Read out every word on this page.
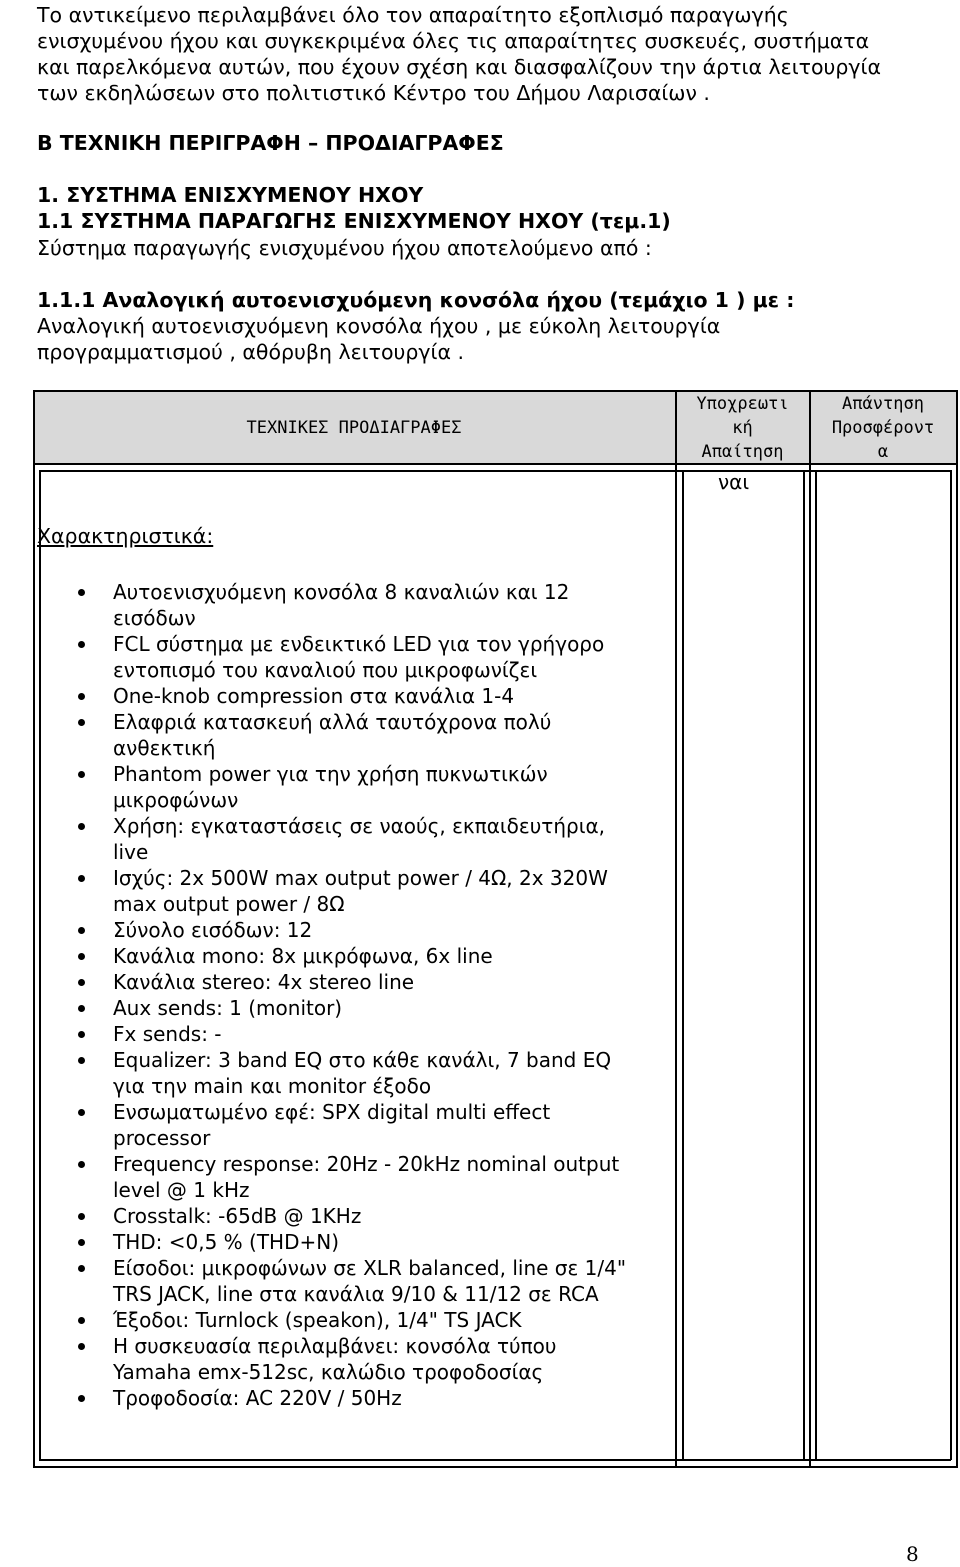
Το αντικείμενο περιλαμβάνει όλο τον απαραίτητο εξοπλισμό παραγωγής
ενισχυμένου ήχου και συγκεκριμένα όλες τις απαραίτητες συσκευές, συστήματα
και παρελκόμενα αυτών, που έχουν σχέση και διασφαλίζουν την άρτια λειτουργία
των εκδηλώσεων στο πολιτιστικό Κέντρο του Δήμου Λαρισαίων .
Β ΤΕΧΝΙΚΗ ΠΕΡΙΓΡΑΦΗ – ΠΡΟΔΙΑΓΡΑΦΕΣ
1. ΣΥΣΤΗΜΑ ΕΝΙΣΧΥΜΕΝΟΥ ΗΧΟΥ
1.1 ΣΥΣΤΗΜΑ ΠΑΡΑΓΩΓΗΣ ΕΝΙΣΧΥΜΕΝΟΥ ΗΧΟΥ (τεμ.1)
Σύστημα παραγωγής ενισχυμένου ήχου αποτελούμενο από :
1.1.1 Αναλογική αυτοενισχυόμενη κονσόλα ήχου (τεμάχιο 1 ) με :
Αναλογική αυτοενισχυόμενη κονσόλα ήχου , με εύκολη λειτουργία
προγραμματισμού , αθόρυβη λειτουργία .
ΤΕΧΝΙΚΕΣ ΠΡΟΔΙΑΓΡΑΦΕΣ
Υποχρεωτι
κή
Απαίτηση
Απάντηση
Προσφέροντ
α
ναι
Χαρακτηριστικά:
Αυτοενισχυόμενη κονσόλα 8 καναλιών και 12
εισόδων
FCL σύστημα με ενδεικτικό LED για τον γρήγορο
εντοπισμό του καναλιού που μικροφωνίζει
One-knob compression στα κανάλια 1-4
Ελαφριά κατασκευή αλλά ταυτόχρονα πολύ
ανθεκτική
Phantom power για την χρήση πυκνωτικών
μικροφώνων
Χρήση: εγκαταστάσεις σε ναούς, εκπαιδευτήρια,
live
Ισχύς: 2x 500W max output power / 4Ω, 2x 320W
max output power / 8Ω
Σύνολο εισόδων: 12
Κανάλια mono: 8x μικρόφωνα, 6x line
Κανάλια stereo: 4x stereo line
Aux sends: 1 (monitor)
Fx sends: -
Equalizer: 3 band EQ στο κάθε κανάλι, 7 band EQ
για την main και monitor έξοδο
Ενσωματωμένο εφέ: SPX digital multi effect
processor
Frequency response: 20Hz - 20kHz nominal output
level @ 1 kHz
Crosstalk: -65dB @ 1KHz
THD: <0,5 % (THD+N)
Είσοδοι: μικροφώνων σε XLR balanced, line σε 1/4"
TRS JACK, line στα κανάλια 9/10 & 11/12 σε RCA
Έξοδοι: Turnlock (speakon), 1/4" TS JACK
Η συσκευασία περιλαμβάνει: κονσόλα τύπου
Yamaha emx-512sc, καλώδιο τροφοδοσίας
Τροφοδοσία: AC 220V / 50Hz
8
